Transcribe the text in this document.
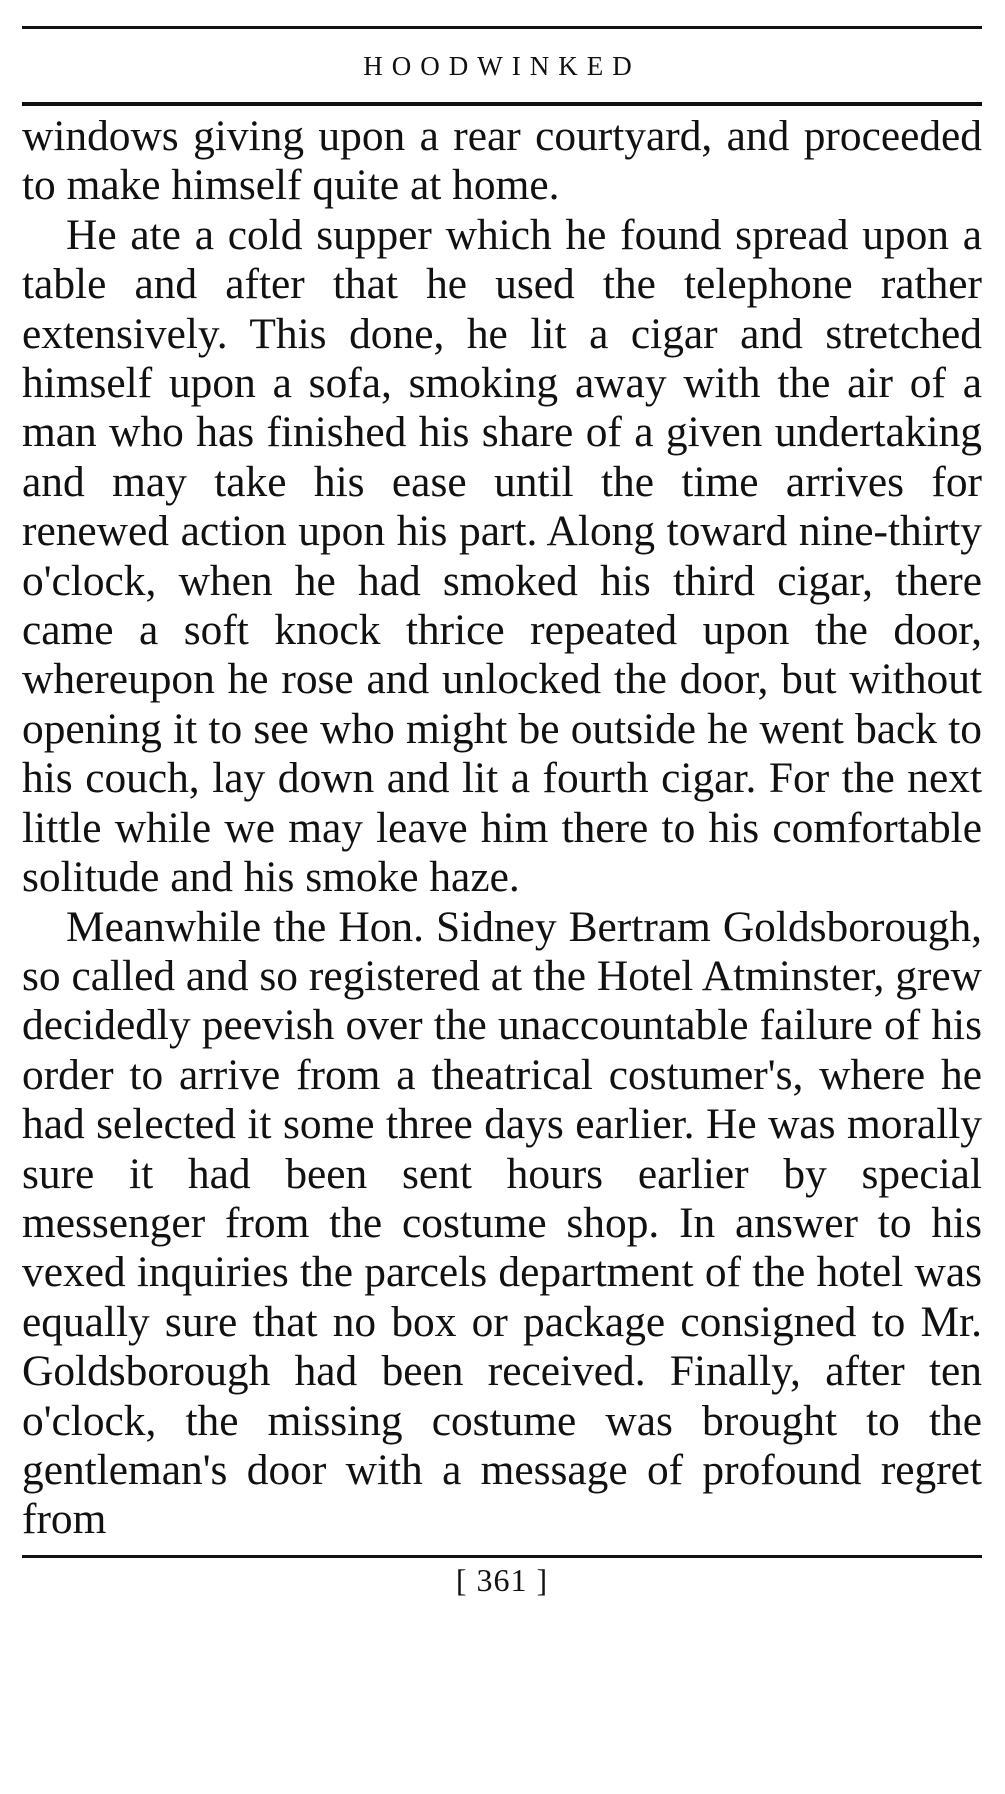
HOODWINKED

windows giving upon a rear courtyard, and proceeded to make himself quite at home.

He ate a cold supper which he found spread upon a table and after that he used the telephone rather extensively. This done, he lit a cigar and stretched himself upon a sofa, smoking away with the air of a man who has finished his share of a given undertaking and may take his ease until the time arrives for renewed action upon his part. Along toward nine-thirty o'clock, when he had smoked his third cigar, there came a soft knock thrice repeated upon the door, whereupon he rose and unlocked the door, but without opening it to see who might be outside he went back to his couch, lay down and lit a fourth cigar. For the next little while we may leave him there to his comfortable solitude and his smoke haze.

Meanwhile the Hon. Sidney Bertram Goldsborough, so called and so registered at the Hotel Atminster, grew decidedly peevish over the unaccountable failure of his order to arrive from a theatrical costumer's, where he had selected it some three days earlier. He was morally sure it had been sent hours earlier by special messenger from the costume shop. In answer to his vexed inquiries the parcels department of the hotel was equally sure that no box or package consigned to Mr. Goldsborough had been received. Finally, after ten o'clock, the missing costume was brought to the gentleman's door with a message of profound regret from

[ 361 ]
